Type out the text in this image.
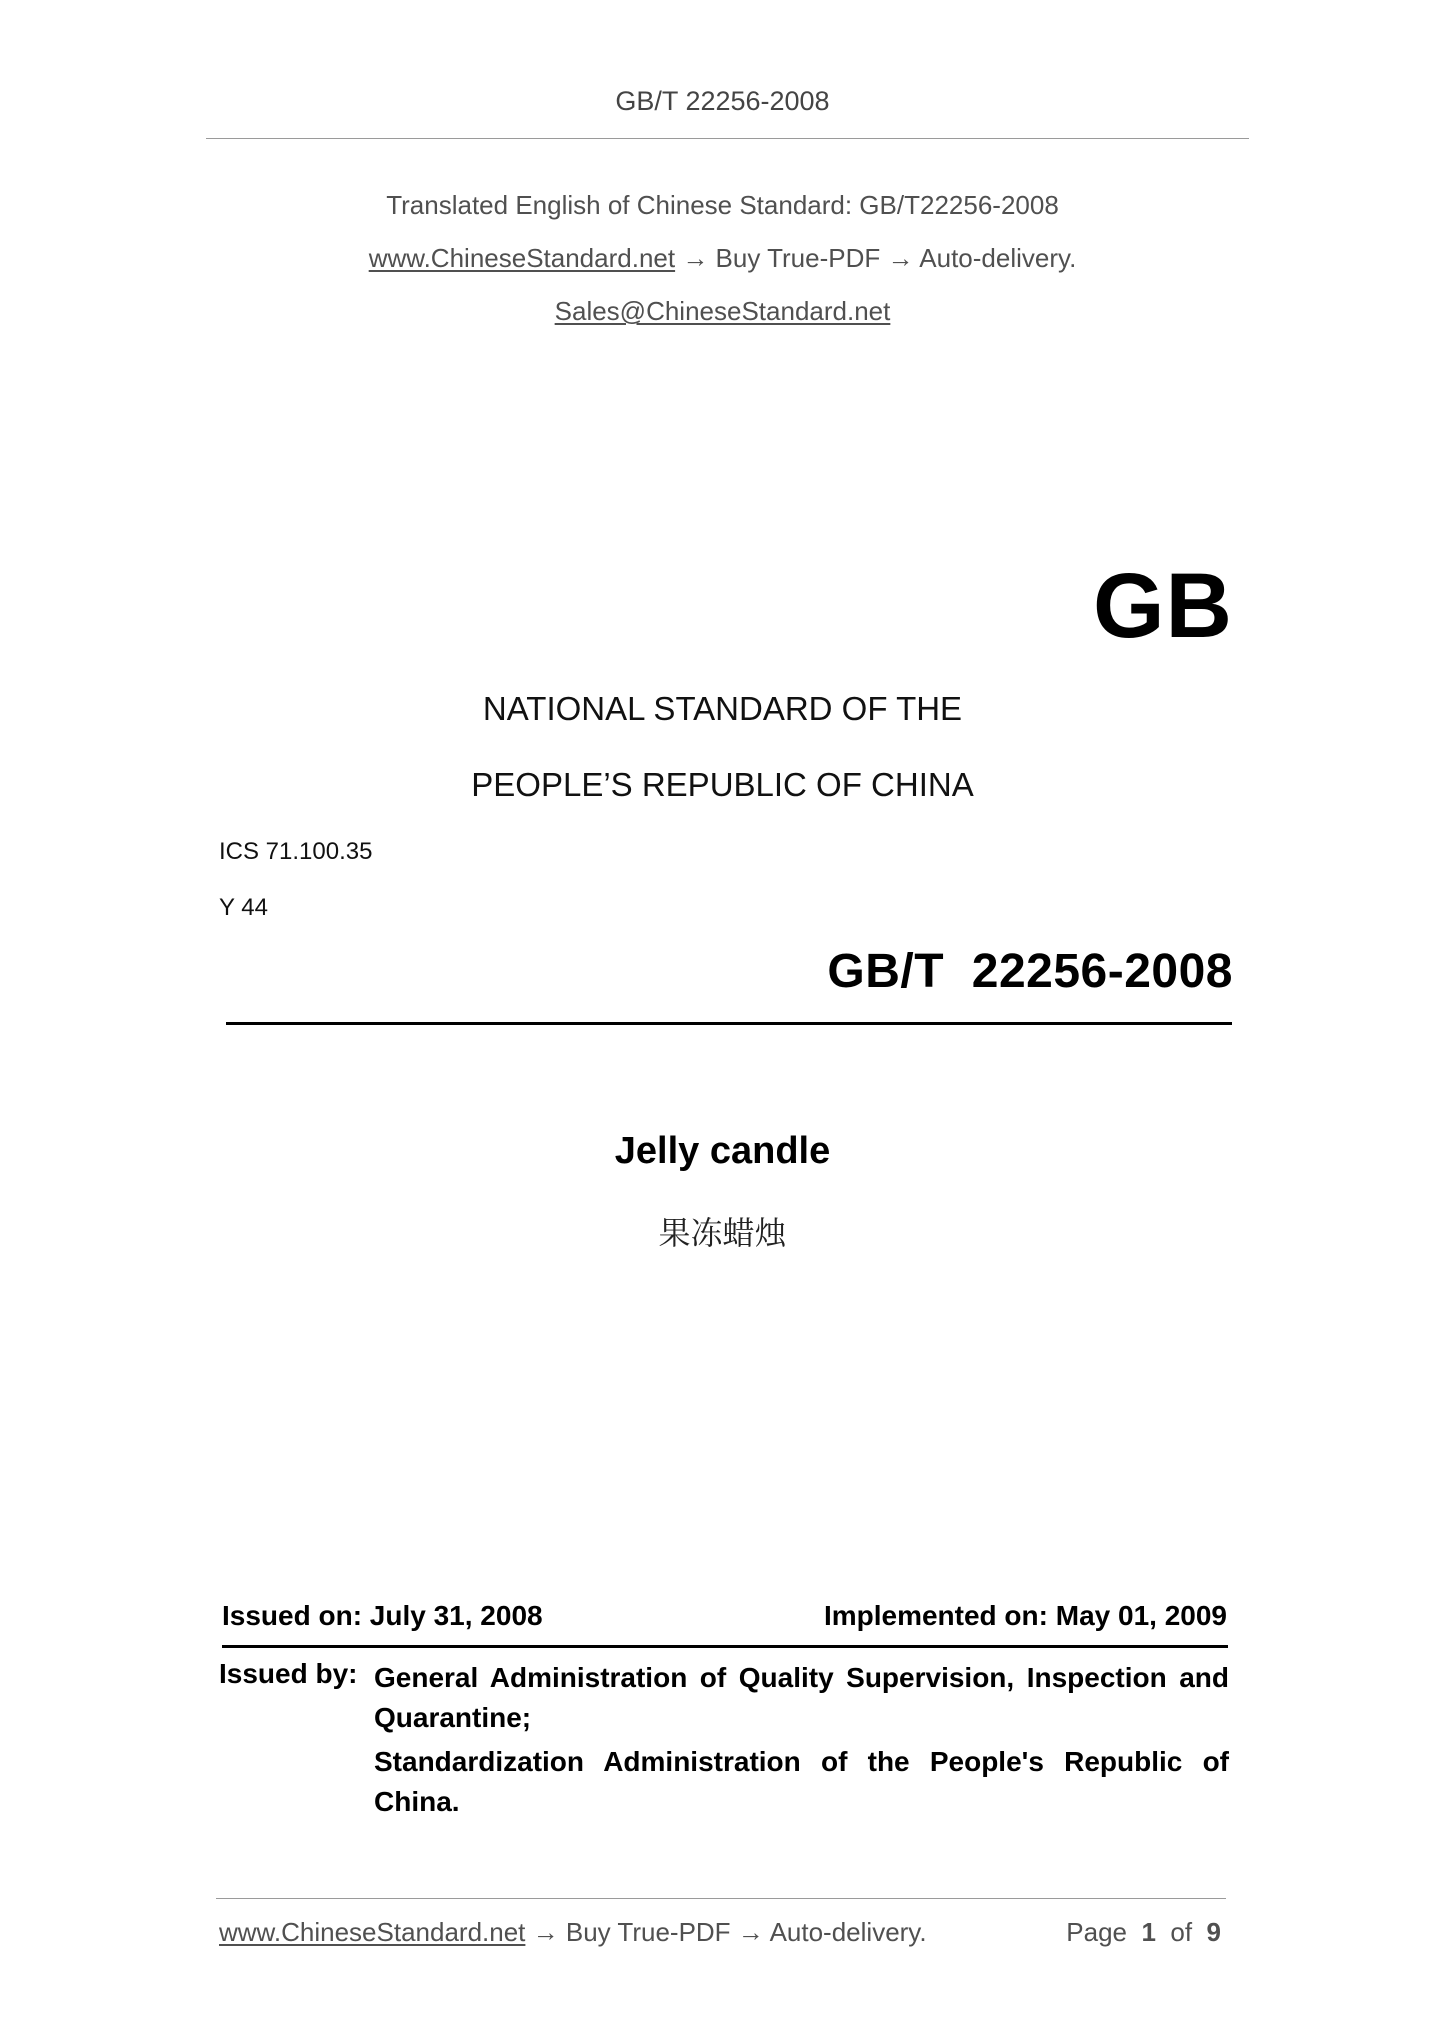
GB/T 22256-2008
Translated English of Chinese Standard: GB/T22256-2008
www.ChineseStandard.net → Buy True-PDF → Auto-delivery.
Sales@ChineseStandard.net
GB
NATIONAL STANDARD OF THE
PEOPLE’S REPUBLIC OF CHINA
ICS 71.100.35
Y 44
GB/T  22256-2008
Jelly candle
果冻蜡烛
Issued on: July 31, 2008	Implemented on: May 01, 2009
Issued by: General Administration of Quality Supervision, Inspection and Quarantine;
Standardization Administration of the People's Republic of China.
www.ChineseStandard.net → Buy True-PDF → Auto-delivery.	Page 1 of 9
